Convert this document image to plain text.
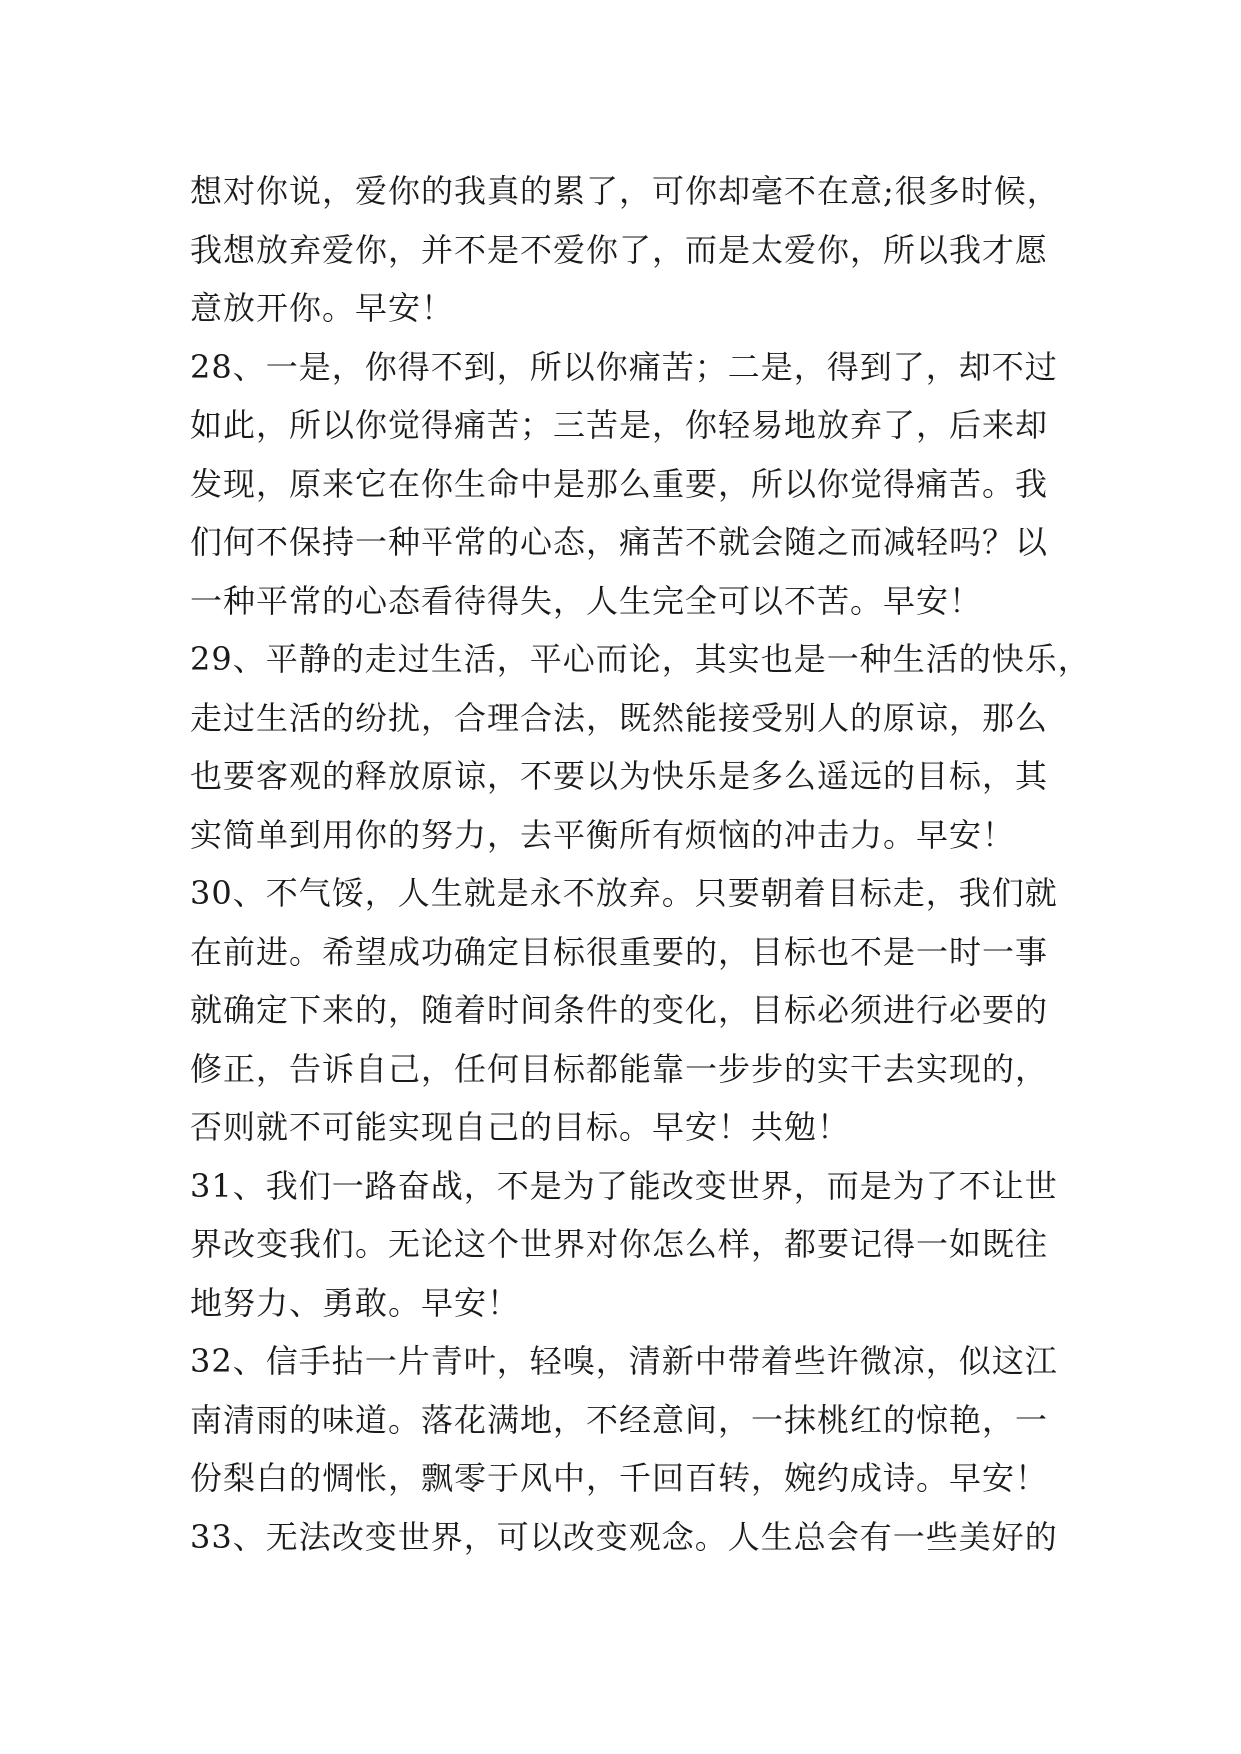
想对你说，爱你的我真的累了，可你却毫不在意;很多时候，
我想放弃爱你，并不是不爱你了，而是太爱你，所以我才愿
意放开你。早安！
28、一是，你得不到，所以你痛苦；二是，得到了，却不过
如此，所以你觉得痛苦；三苦是，你轻易地放弃了，后来却
发现，原来它在你生命中是那么重要，所以你觉得痛苦。我
们何不保持一种平常的心态，痛苦不就会随之而减轻吗？以
一种平常的心态看待得失，人生完全可以不苦。早安！
29、平静的走过生活，平心而论，其实也是一种生活的快乐，
走过生活的纷扰，合理合法，既然能接受别人的原谅，那么
也要客观的释放原谅，不要以为快乐是多么遥远的目标，其
实简单到用你的努力，去平衡所有烦恼的冲击力。早安！
30、不气馁，人生就是永不放弃。只要朝着目标走，我们就
在前进。希望成功确定目标很重要的，目标也不是一时一事
就确定下来的，随着时间条件的变化，目标必须进行必要的
修正，告诉自己，任何目标都能靠一步步的实干去实现的，
否则就不可能实现自己的目标。早安！共勉！
31、我们一路奋战，不是为了能改变世界，而是为了不让世
界改变我们。无论这个世界对你怎么样，都要记得一如既往
地努力、勇敢。早安！
32、信手拈一片青叶，轻嗅，清新中带着些许微凉，似这江
南清雨的味道。落花满地，不经意间，一抹桃红的惊艳，一
份梨白的惆怅，飘零于风中，千回百转，婉约成诗。早安！
33、无法改变世界，可以改变观念。人生总会有一些美好的
